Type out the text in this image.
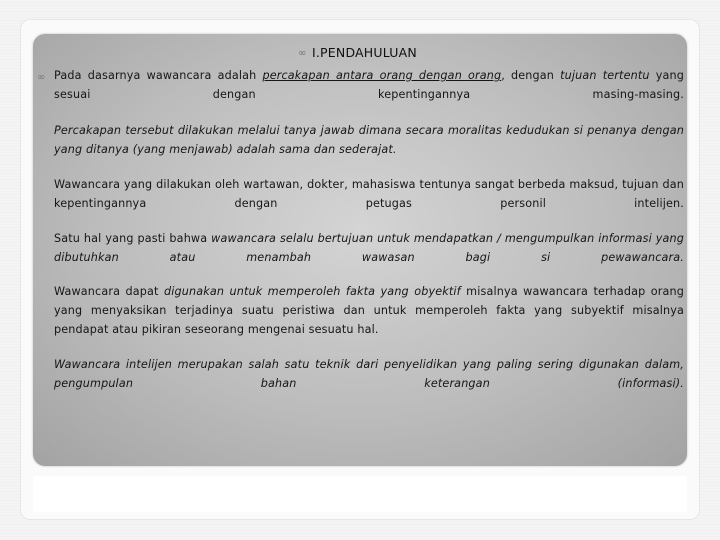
∞ I.PENDAHULUAN
∞ Pada dasarnya wawancara adalah percakapan antara orang dengan orang, dengan tujuan tertentu yang sesuai dengan kepentingannya masing-masing.
Percakapan tersebut dilakukan melalui tanya jawab dimana secara moralitas kedudukan si penanya dengan yang ditanya (yang menjawab) adalah sama dan sederajat.
Wawancara yang dilakukan oleh wartawan, dokter, mahasiswa tentunya sangat berbeda maksud, tujuan dan kepentingannya dengan petugas personil intelijen.
Satu hal yang pasti bahwa wawancara selalu bertujuan untuk mendapatkan / mengumpulkan informasi yang dibutuhkan atau menambah wawasan bagi si pewawancara.
Wawancara dapat digunakan untuk memperoleh fakta yang obyektif misalnya wawancara terhadap orang yang menyaksikan terjadinya suatu peristiwa dan untuk memperoleh fakta yang subyektif misalnya pendapat atau pikiran seseorang mengenai sesuatu hal.
Wawancara intelijen merupakan salah satu teknik dari penyelidikan yang paling sering digunakan dalam, pengumpulan bahan keterangan (informasi).
